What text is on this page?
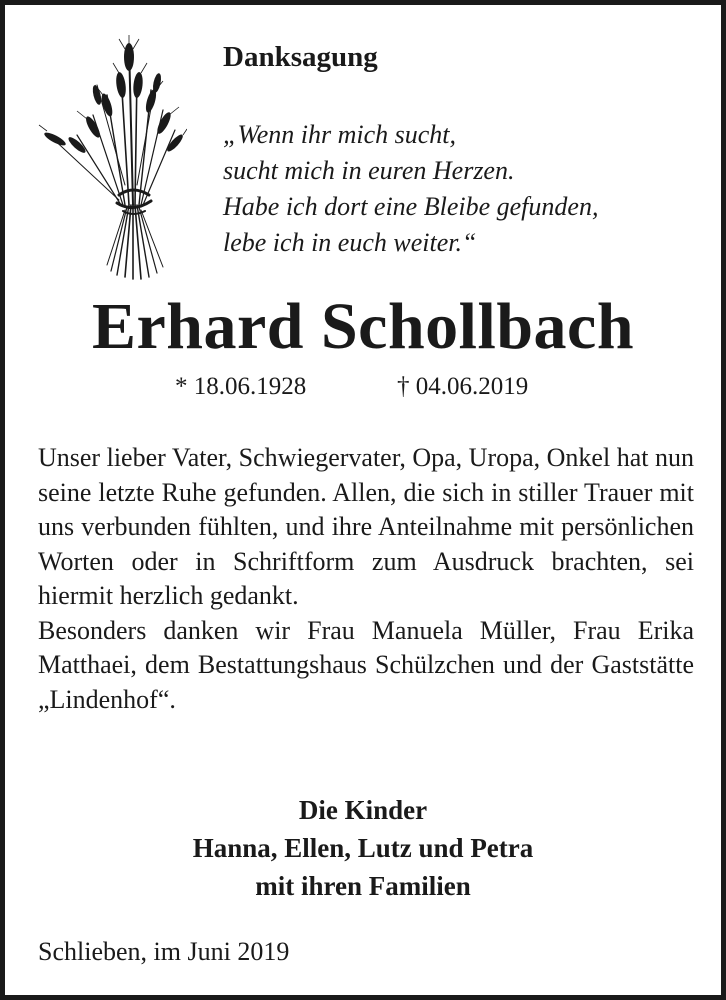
Danksagung
„Wenn ihr mich sucht,
sucht mich in euren Herzen.
Habe ich dort eine Bleibe gefunden,
lebe ich in euch weiter.“
Erhard Schollbach
* 18.06.1928	† 04.06.2019

Unser lieber Vater, Schwiegervater, Opa, Uropa, Onkel hat nun seine letzte Ruhe gefunden. Allen, die sich in stiller Trauer mit uns verbunden fühlten, und ihre Anteilnahme mit persönlichen Worten oder in Schriftform zum Ausdruck brachten, sei hiermit herzlich gedankt.

Besonders danken wir Frau Manuela Müller, Frau Erika Matthaei, dem Bestattungshaus Schülzchen und der Gaststätte „Lindenhof“.

Die Kinder
Hanna, Ellen, Lutz und Petra
mit ihren Familien
Schlieben, im Juni 2019
